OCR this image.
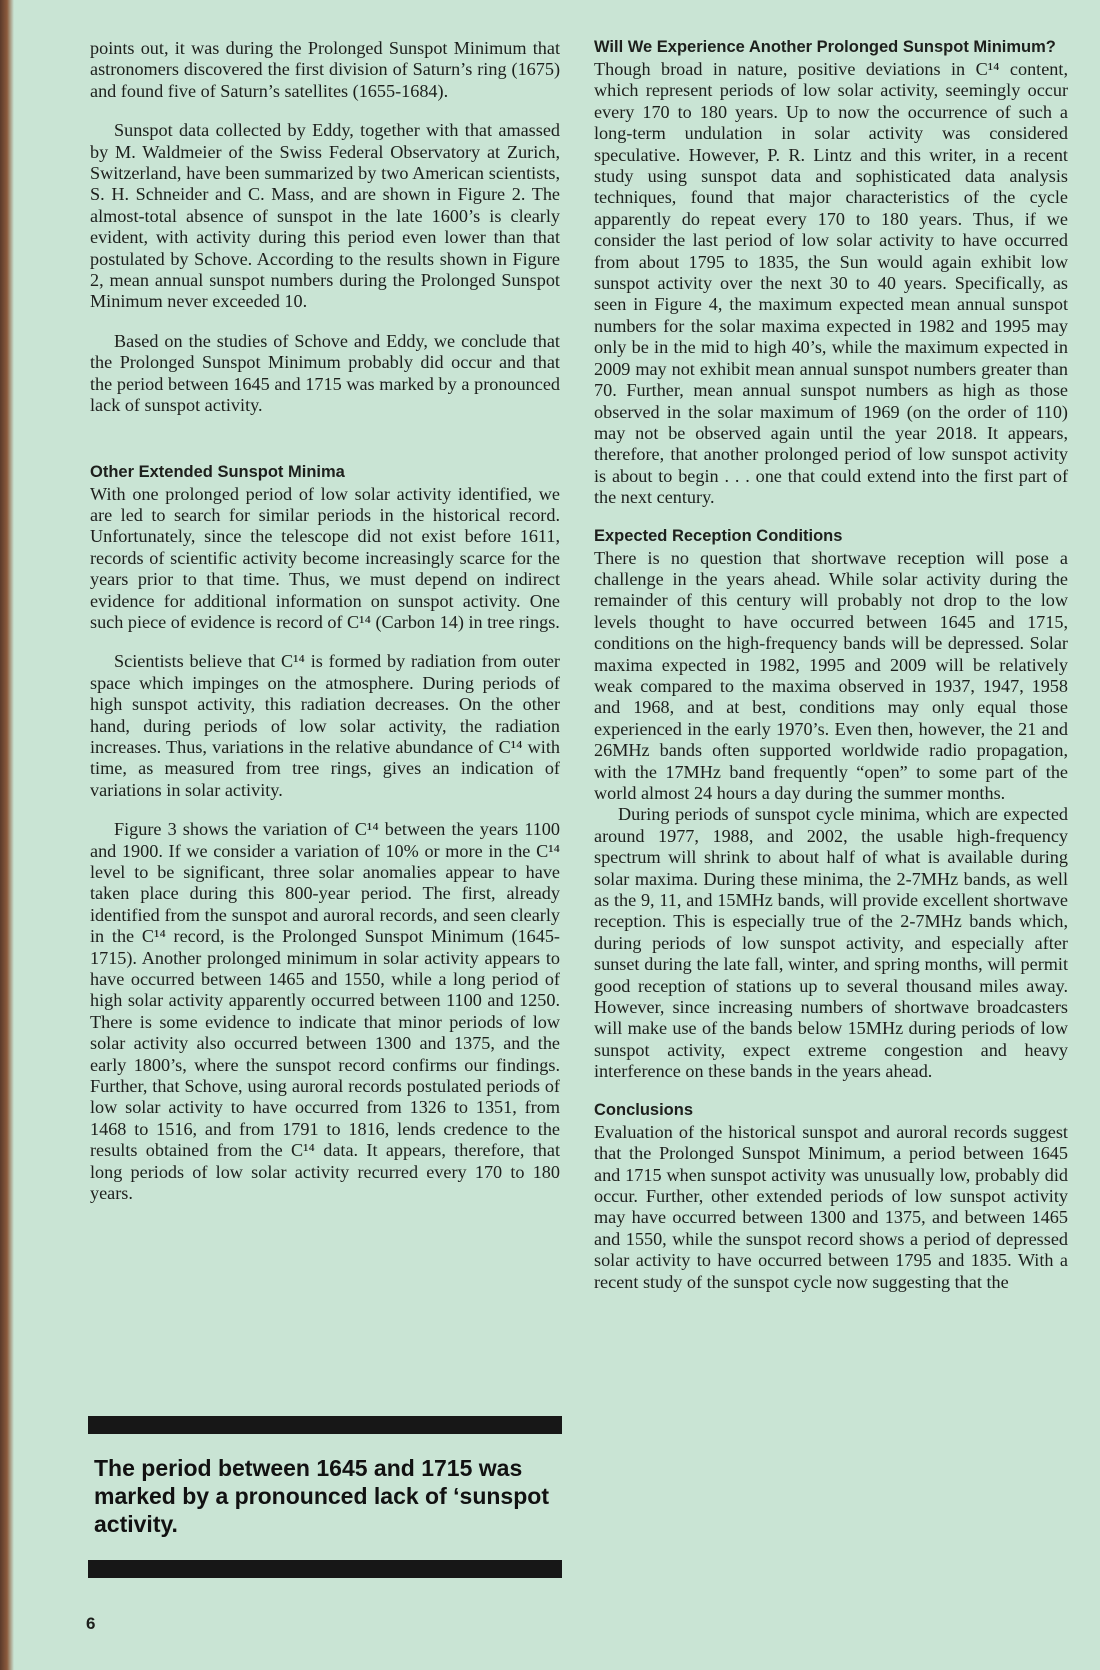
points out, it was during the Prolonged Sunspot Minimum that astronomers discovered the first division of Saturn’s ring (1675) and found five of Saturn’s satellites (1655-1684).

Sunspot data collected by Eddy, together with that amassed by M. Waldmeier of the Swiss Federal Observatory at Zurich, Switzerland, have been summarized by two American scientists, S. H. Schneider and C. Mass, and are shown in Figure 2. The almost-total absence of sunspot in the late 1600’s is clearly evident, with activity during this period even lower than that postulated by Schove. According to the results shown in Figure 2, mean annual sunspot numbers during the Prolonged Sunspot Minimum never exceeded 10.

Based on the studies of Schove and Eddy, we conclude that the Prolonged Sunspot Minimum probably did occur and that the period between 1645 and 1715 was marked by a pronounced lack of sunspot activity.

Other Extended Sunspot Minima

With one prolonged period of low solar activity identified, we are led to search for similar periods in the historical record. Unfortunately, since the telescope did not exist before 1611, records of scientific activity become increasingly scarce for the years prior to that time. Thus, we must depend on indirect evidence for additional information on sunspot activity. One such piece of evidence is record of C¹⁴ (Carbon 14) in tree rings.

Scientists believe that C¹⁴ is formed by radiation from outer space which impinges on the atmosphere. During periods of high sunspot activity, this radiation decreases. On the other hand, during periods of low solar activity, the radiation increases. Thus, variations in the relative abundance of C¹⁴ with time, as measured from tree rings, gives an indication of variations in solar activity.

Figure 3 shows the variation of C¹⁴ between the years 1100 and 1900. If we consider a variation of 10% or more in the C¹⁴ level to be significant, three solar anomalies appear to have taken place during this 800-year period. The first, already identified from the sunspot and auroral records, and seen clearly in the C¹⁴ record, is the Prolonged Sunspot Minimum (1645-1715). Another prolonged minimum in solar activity appears to have occurred between 1465 and 1550, while a long period of high solar activity apparently occurred between 1100 and 1250. There is some evidence to indicate that minor periods of low solar activity also occurred between 1300 and 1375, and the early 1800’s, where the sunspot record confirms our findings. Further, that Schove, using auroral records postulated periods of low solar activity to have occurred from 1326 to 1351, from 1468 to 1516, and from 1791 to 1816, lends credence to the results obtained from the C¹⁴ data. It appears, therefore, that long periods of low solar activity recurred every 170 to 180 years.

The period between 1645 and 1715 was marked by a pronounced lack of ‘sunspot activity.
Will We Experience Another Prolonged Sunspot Minimum?

Though broad in nature, positive deviations in C¹⁴ content, which represent periods of low solar activity, seemingly occur every 170 to 180 years. Up to now the occurrence of such a long-term undulation in solar activity was considered speculative. However, P. R. Lintz and this writer, in a recent study using sunspot data and sophisticated data analysis techniques, found that major characteristics of the cycle apparently do repeat every 170 to 180 years. Thus, if we consider the last period of low solar activity to have occurred from about 1795 to 1835, the Sun would again exhibit low sunspot activity over the next 30 to 40 years. Specifically, as seen in Figure 4, the maximum expected mean annual sunspot numbers for the solar maxima expected in 1982 and 1995 may only be in the mid to high 40’s, while the maximum expected in 2009 may not exhibit mean annual sunspot numbers greater than 70. Further, mean annual sunspot numbers as high as those observed in the solar maximum of 1969 (on the order of 110) may not be observed again until the year 2018. It appears, therefore, that another prolonged period of low sunspot activity is about to begin . . . one that could extend into the first part of the next century.

Expected Reception Conditions

There is no question that shortwave reception will pose a challenge in the years ahead. While solar activity during the remainder of this century will probably not drop to the low levels thought to have occurred between 1645 and 1715, conditions on the high-frequency bands will be depressed. Solar maxima expected in 1982, 1995 and 2009 will be relatively weak compared to the maxima observed in 1937, 1947, 1958 and 1968, and at best, conditions may only equal those experienced in the early 1970’s. Even then, however, the 21 and 26MHz bands often supported worldwide radio propagation, with the 17MHz band frequently “open” to some part of the world almost 24 hours a day during the summer months.

During periods of sunspot cycle minima, which are expected around 1977, 1988, and 2002, the usable high-frequency spectrum will shrink to about half of what is available during solar maxima. During these minima, the 2-7MHz bands, as well as the 9, 11, and 15MHz bands, will provide excellent shortwave reception. This is especially true of the 2-7MHz bands which, during periods of low sunspot activity, and especially after sunset during the late fall, winter, and spring months, will permit good reception of stations up to several thousand miles away. However, since increasing numbers of shortwave broadcasters will make use of the bands below 15MHz during periods of low sunspot activity, expect extreme congestion and heavy interference on these bands in the years ahead.

Conclusions

Evaluation of the historical sunspot and auroral records suggest that the Prolonged Sunspot Minimum, a period between 1645 and 1715 when sunspot activity was unusually low, probably did occur. Further, other extended periods of low sunspot activity may have occurred between 1300 and 1375, and between 1465 and 1550, while the sunspot record shows a period of depressed solar activity to have occurred between 1795 and 1835. With a recent study of the sunspot cycle now suggesting that the

6
